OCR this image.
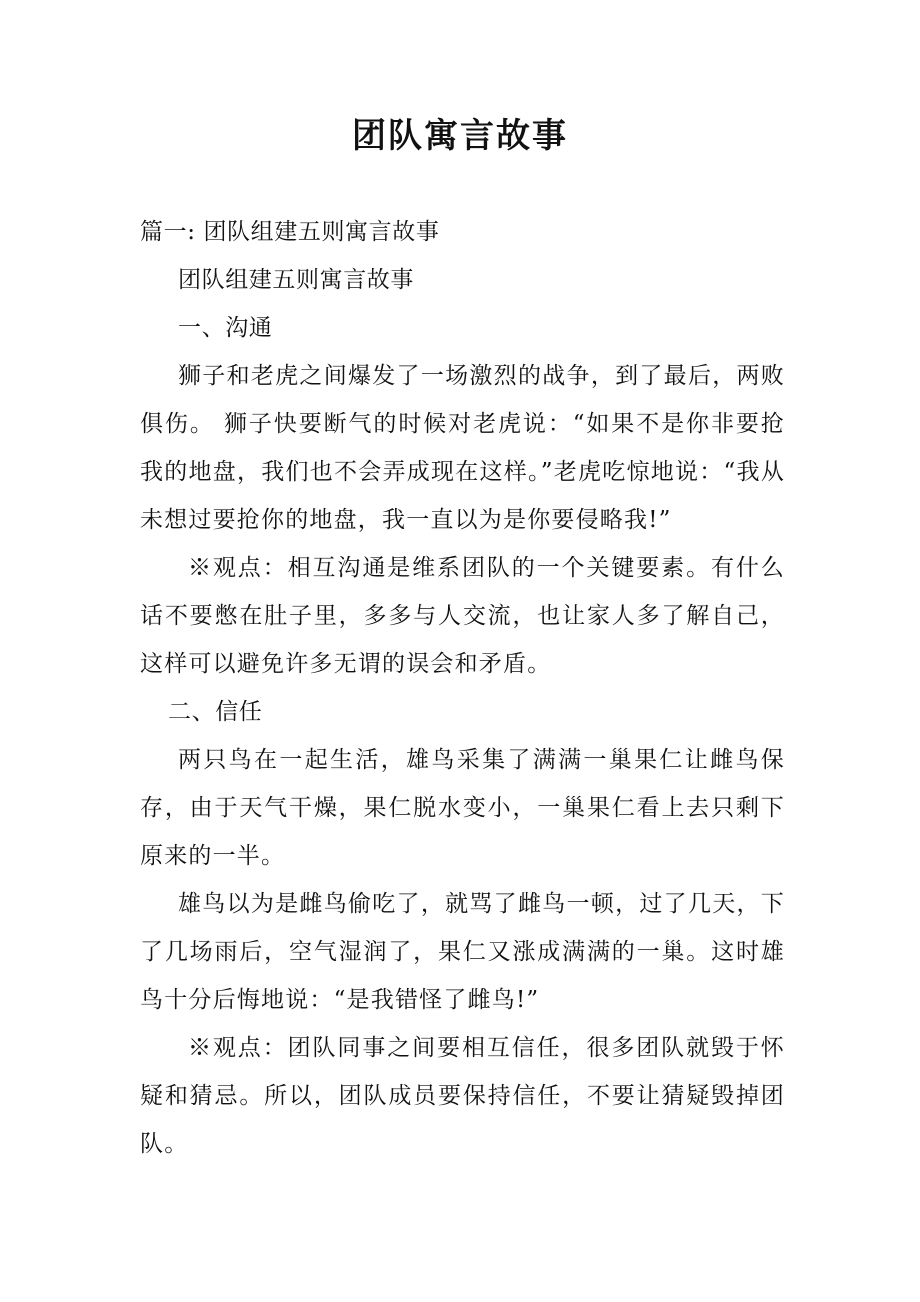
团队寓言故事

篇一: 团队组建五则寓言故事

团队组建五则寓言故事

一、沟通

狮子和老虎之间爆发了一场激烈的战争，到了最后，两败俱伤。 狮子快要断气的时候对老虎说：“如果不是你非要抢我的地盘，我们也不会弄成现在这样。”老虎吃惊地说：“我从未想过要抢你的地盘，我一直以为是你要侵略我!”

※观点：相互沟通是维系团队的一个关键要素。有什么话不要憋在肚子里，多多与人交流，也让家人多了解自己，这样可以避免许多无谓的误会和矛盾。

二、信任

两只鸟在一起生活，雄鸟采集了满满一巢果仁让雌鸟保存，由于天气干燥，果仁脱水变小，一巢果仁看上去只剩下原来的一半。

雄鸟以为是雌鸟偷吃了，就骂了雌鸟一顿，过了几天，下了几场雨后，空气湿润了，果仁又涨成满满的一巢。这时雄鸟十分后悔地说：“是我错怪了雌鸟!”

※观点：团队同事之间要相互信任，很多团队就毁于怀疑和猜忌。所以，团队成员要保持信任，不要让猜疑毁掉团队。
